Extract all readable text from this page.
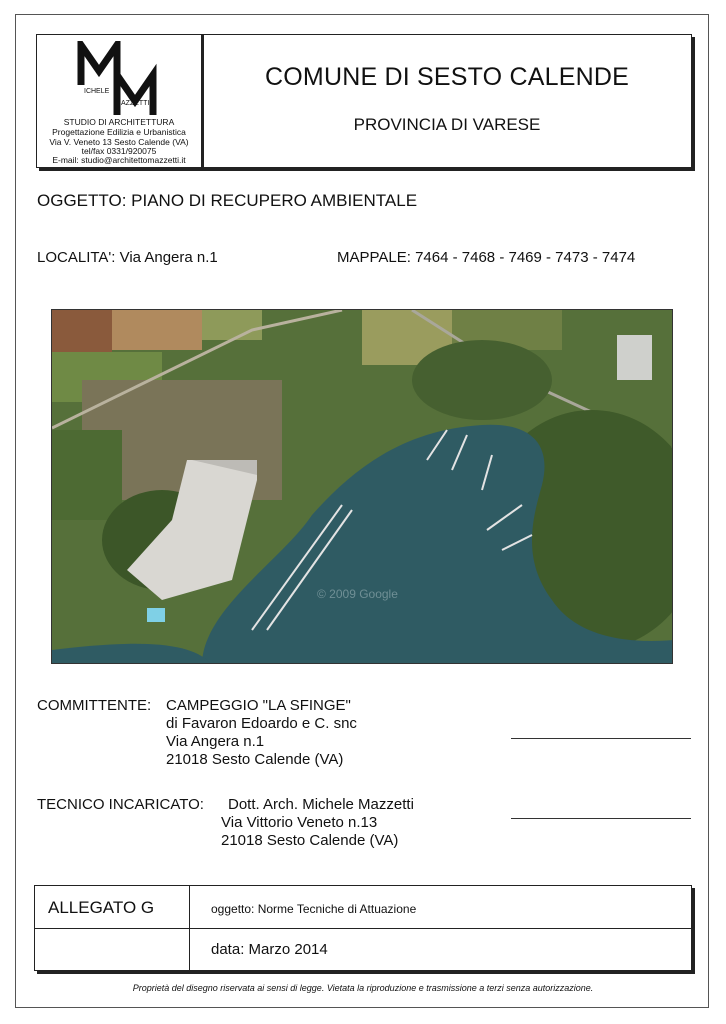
ICHELE
AZZETTI
STUDIO DI ARCHITETTURA
Progettazione Edilizia e Urbanistica
Via V. Veneto 13 Sesto Calende (VA)
tel/fax 0331/920075
E-mail: studio@architettomazzetti.it
COMUNE DI SESTO CALENDE
PROVINCIA DI VARESE
OGGETTO: PIANO DI RECUPERO AMBIENTALE
LOCALITA': Via Angera n.1	MAPPALE: 7464 - 7468 - 7469 - 7473 - 7474
© 2009 Google
COMMITTENTE: CAMPEGGIO "LA SFINGE"
di Favaron Edoardo e C. snc
Via Angera n.1
21018 Sesto Calende (VA)
TECNICO INCARICATO: Dott. Arch. Michele Mazzetti
Via Vittorio Veneto n.13
21018 Sesto Calende (VA)
ALLEGATO G	oggetto: Norme Tecniche di Attuazione
data: Marzo 2014
Proprietà del disegno riservata ai sensi di legge. Vietata la riproduzione e trasmissione a terzi senza autorizzazione.
